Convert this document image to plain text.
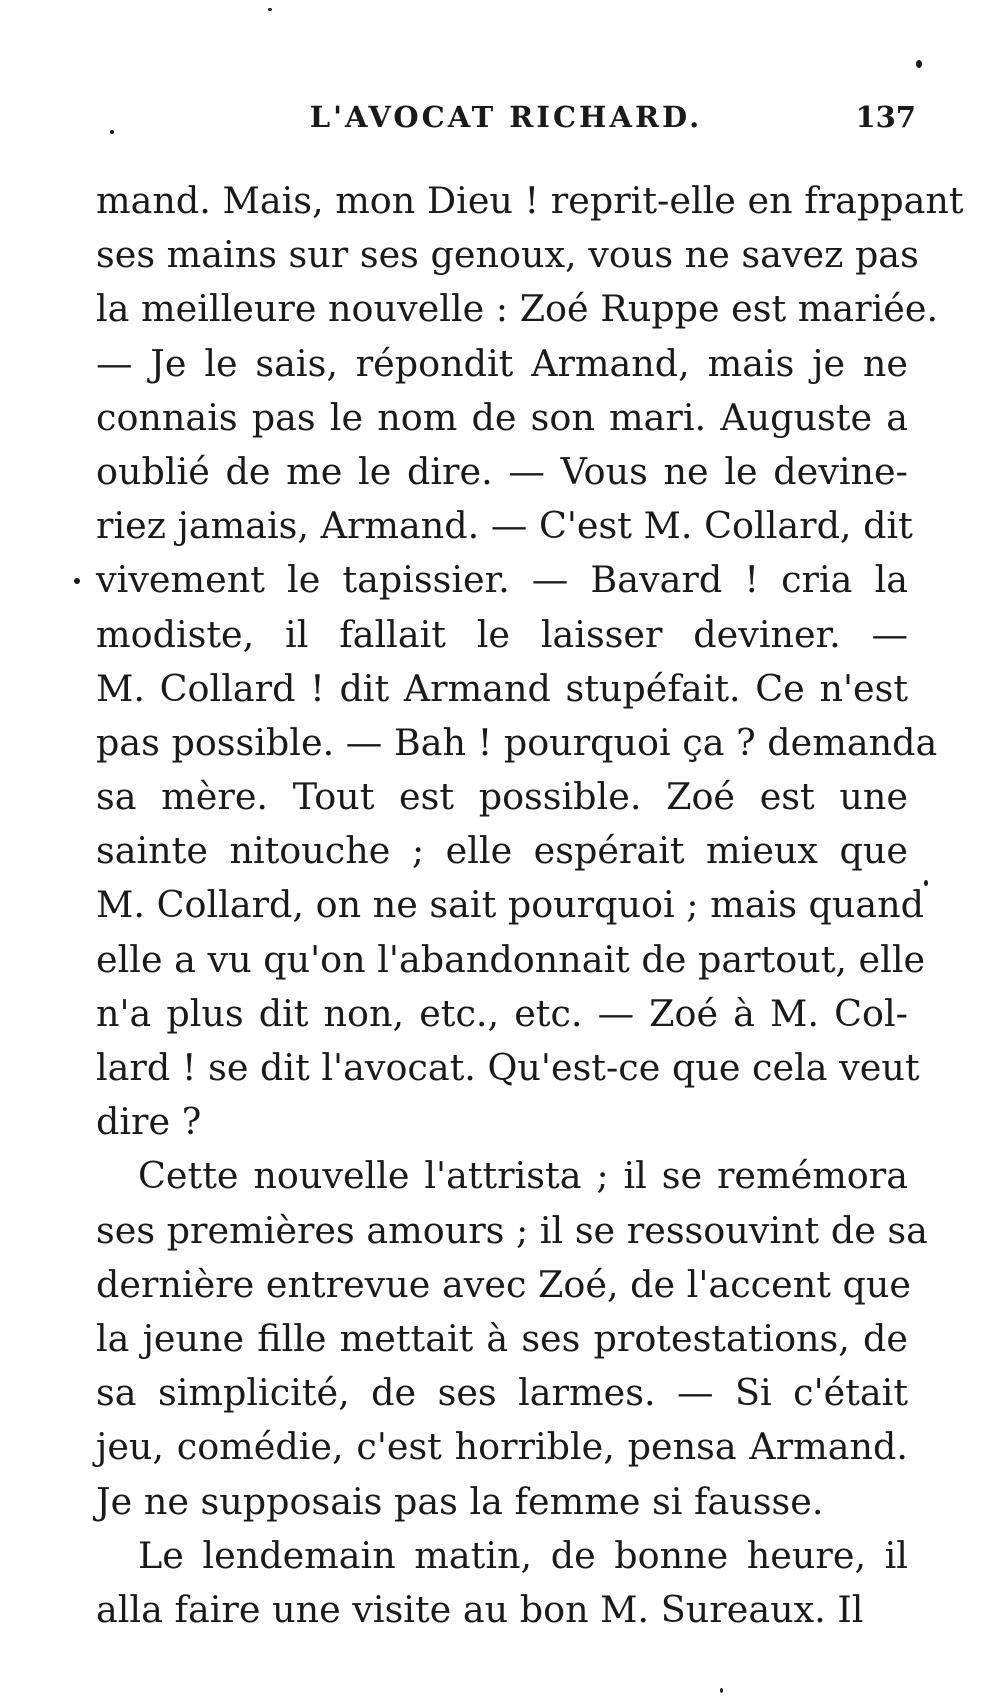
L'AVOCAT RICHARD.	137
mand. Mais, mon Dieu ! reprit-elle en frappant
ses mains sur ses genoux, vous ne savez pas
la meilleure nouvelle : Zoé Ruppe est mariée.
— Je le sais, répondit Armand, mais je ne
connais pas le nom de son mari. Auguste a
oublié de me le dire. — Vous ne le devine-
riez jamais, Armand. — C'est M. Collard, dit
vivement le tapissier. — Bavard ! cria la
modiste, il fallait le laisser deviner. —
M. Collard ! dit Armand stupéfait. Ce n'est
pas possible. — Bah ! pourquoi ça ? demanda
sa mère. Tout est possible. Zoé est une
sainte nitouche ; elle espérait mieux que
M. Collard, on ne sait pourquoi ; mais quand
elle a vu qu'on l'abandonnait de partout, elle
n'a plus dit non, etc., etc. — Zoé à M. Col-
lard ! se dit l'avocat. Qu'est-ce que cela veut
dire ?
Cette nouvelle l'attrista ; il se remémora
ses premières amours ; il se ressouvint de sa
dernière entrevue avec Zoé, de l'accent que
la jeune fille mettait à ses protestations, de
sa simplicité, de ses larmes. — Si c'était
jeu, comédie, c'est horrible, pensa Armand.
Je ne supposais pas la femme si fausse.
Le lendemain matin, de bonne heure, il
alla faire une visite au bon M. Sureaux. Il
